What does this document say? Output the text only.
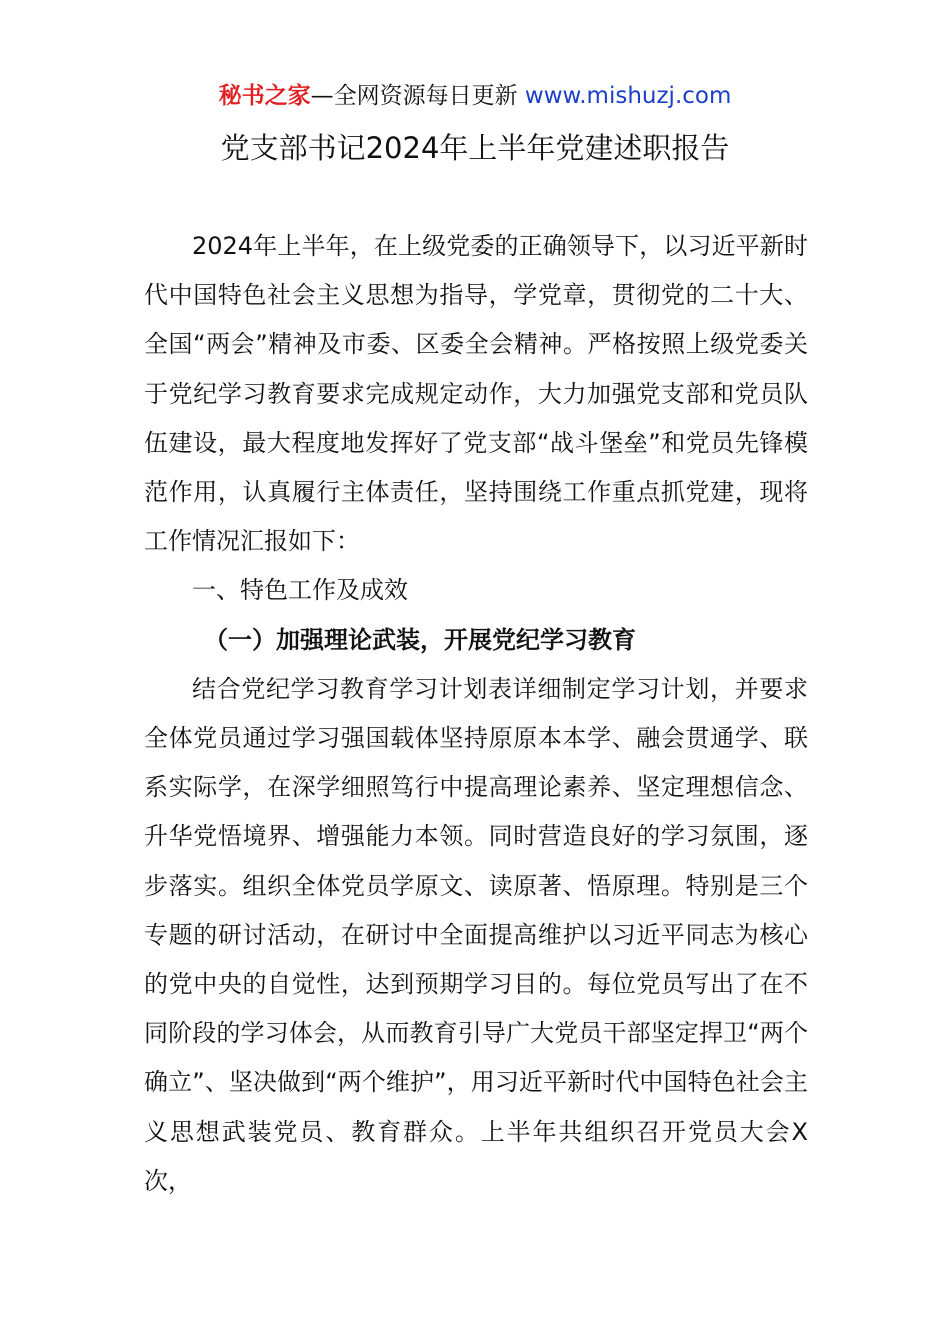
秘书之家—全网资源每日更新 www.mishuzj.com
党支部书记2024年上半年党建述职报告

2024年上半年，在上级党委的正确领导下，以习近平新时代中国特色社会主义思想为指导，学党章，贯彻党的二十大、全国“两会”精神及市委、区委全会精神。严格按照上级党委关于党纪学习教育要求完成规定动作，大力加强党支部和党员队伍建设，最大程度地发挥好了党支部“战斗堡垒”和党员先锋模范作用，认真履行主体责任，坚持围绕工作重点抓党建，现将工作情况汇报如下：

一、特色工作及成效

（一）加强理论武装，开展党纪学习教育

结合党纪学习教育学习计划表详细制定学习计划，并要求全体党员通过学习强国载体坚持原原本本学、融会贯通学、联系实际学，在深学细照笃行中提高理论素养、坚定理想信念、升华党悟境界、增强能力本领。同时营造良好的学习氛围，逐步落实。组织全体党员学原文、读原著、悟原理。特别是三个专题的研讨活动，在研讨中全面提高维护以习近平同志为核心的党中央的自觉性，达到预期学习目的。每位党员写出了在不同阶段的学习体会，从而教育引导广大党员干部坚定捍卫“两个确立”、坚决做到“两个维护”，用习近平新时代中国特色社会主义思想武装党员、教育群众。上半年共组织召开党员大会X次，
